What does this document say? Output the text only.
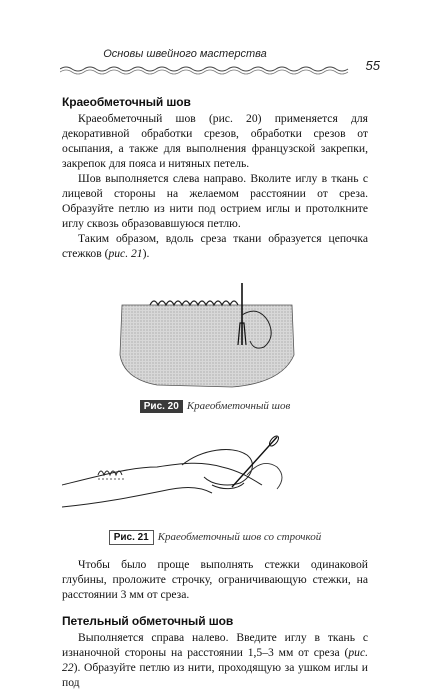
Основы швейного мастерства
55
Краеобметочный шов

Краеобметочный шов (рис. 20) применяется для декоративной обработки срезов, обработки срезов от осыпания, а также для выполнения французской закрепки, закрепок для пояса и нитяных петель.

Шов выполняется слева направо. Вколите иглу в ткань с лицевой стороны на желаемом расстоянии от среза. Образуйте петлю из нити под острием иглы и протолкните иглу сквозь образовавшуюся петлю.

Таким образом, вдоль среза ткани образуется цепочка стежков (рис. 21).

Рис. 20 Краеобметочный шов
Рис. 21 Краеобметочный шов со строчкой

Чтобы было проще выполнять стежки одинаковой глубины, проложите строчку, ограничивающую стежки, на расстоянии 3 мм от среза.

Петельный обметочный шов

Выполняется справа налево. Введите иглу в ткань с изнаночной стороны на расстоянии 1,5–3 мм от среза (рис. 22). Образуйте петлю из нити, проходящую за ушком иглы и под
